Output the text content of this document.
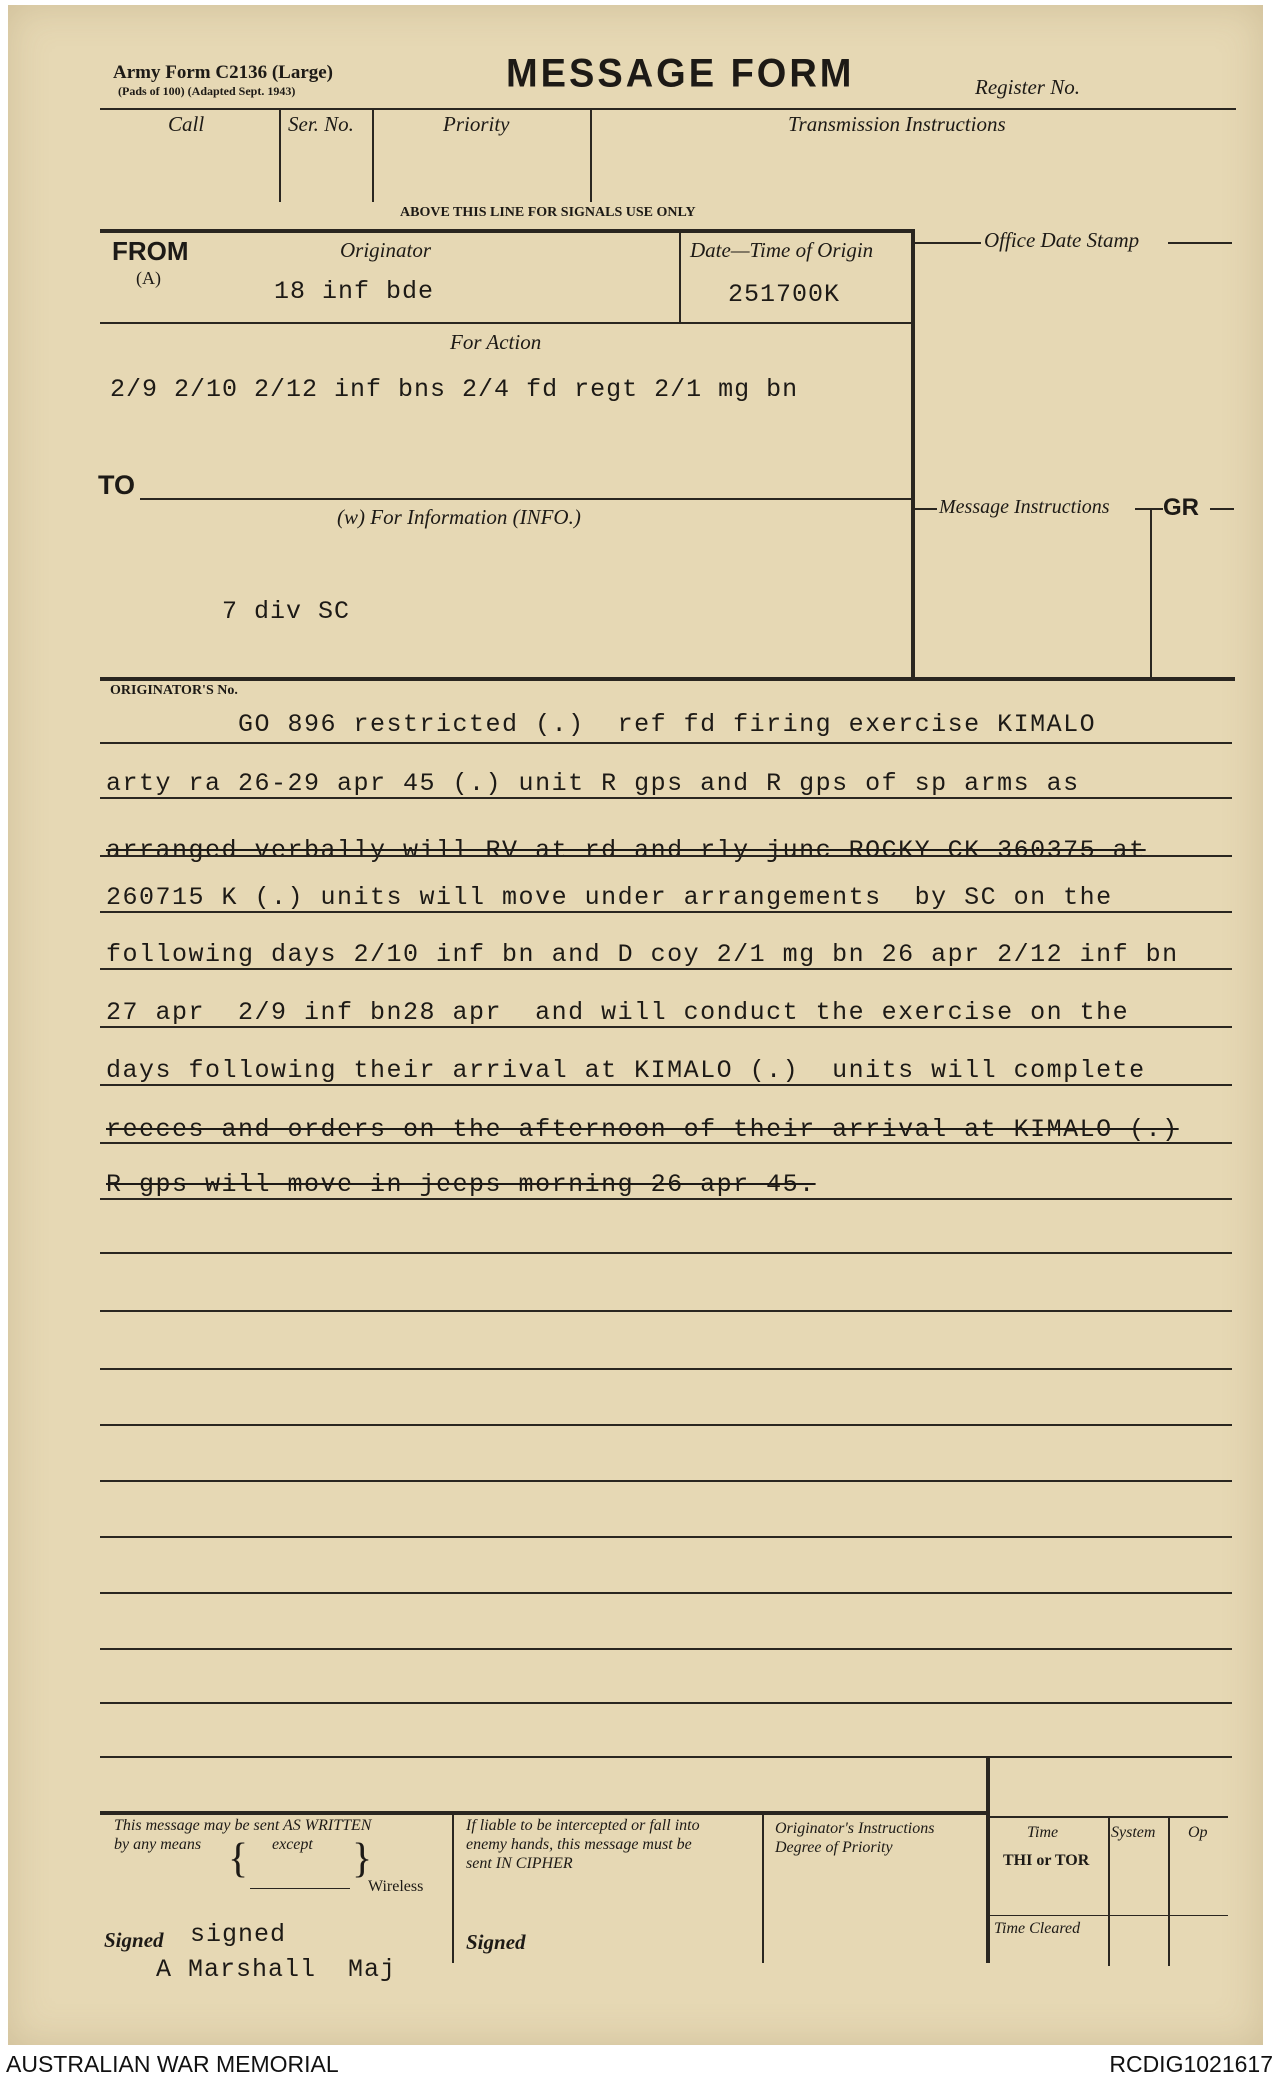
Army Form C2136 (Large)
(Pads of 100) (Adapted Sept. 1943)	MESSAGE FORM	Register No.
Call	Ser. No.	Priority	Transmission Instructions
ABOVE THIS LINE FOR SIGNALS USE ONLY
FROM
(A)
Originator
18 inf bde
Date—Time of Origin
251700K
Office Date Stamp
For Action
2/9 2/10 2/12 inf bns 2/4 fd regt 2/1 mg bn
TO
(w) For Information (INFO.)
7 div SC
Message Instructions GR
ORIGINATOR'S No.
GO 896 restricted (.)  ref fd firing exercise KIMALO
arty ra 26-29 apr 45 (.) unit R gps and R gps of sp arms as
arranged verbally will RV at rd and rly junc ROCKY CK 360375 at
260715 K (.) units will move under arrangements  by SC on the
following days 2/10 inf bn and D coy 2/1 mg bn 26 apr 2/12 inf bn
27 apr  2/9 inf bn28 apr  and will conduct the exercise on the
days following their arrival at KIMALO (.)  units will complete
reeces and orders on the afternoon of their arrival at KIMALO (.)
R gps will move in jeeps morning 26 apr 45.
This message may be sent AS WRITTEN
by any means	except
{ }
Wireless
Signed signed
A Marshall  Maj
If liable to be intercepted or fall into
enemy hands, this message must be
sent IN CIPHER
Signed
Originator's Instructions
Degree of Priority
Time
THI or TOR
System Op
Time Cleared
AUSTRALIAN WAR MEMORIAL	RCDIG1021617
